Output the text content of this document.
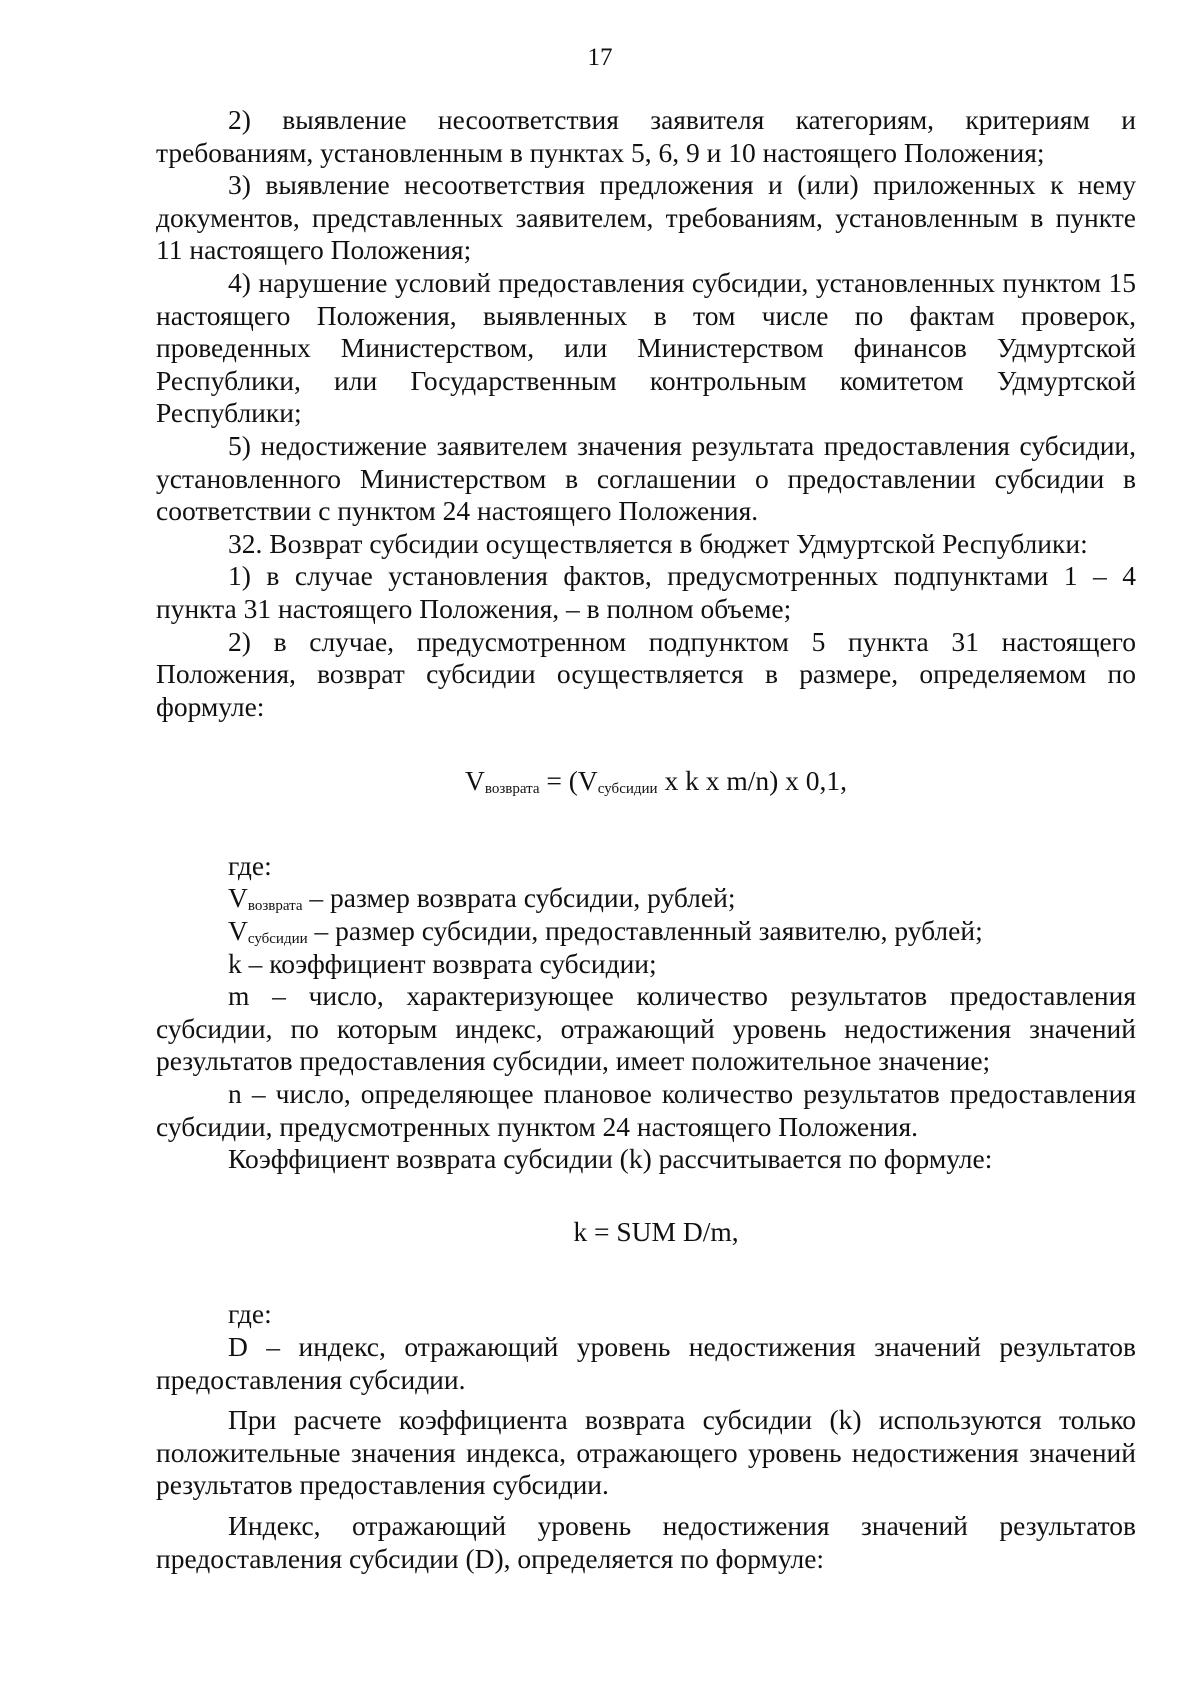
17

2) выявление несоответствия заявителя категориям, критериям и требованиям, установленным в пунктах 5, 6, 9 и 10 настоящего Положения;

3) выявление несоответствия предложения и (или) приложенных к нему документов, представленных заявителем, требованиям, установленным в пункте 11 настоящего Положения;

4) нарушение условий предоставления субсидии, установленных пунктом 15 настоящего Положения, выявленных в том числе по фактам проверок, проведенных Министерством, или Министерством финансов Удмуртской Республики, или Государственным контрольным комитетом Удмуртской Республики;

5) недостижение заявителем значения результата предоставления субсидии, установленного Министерством в соглашении о предоставлении субсидии в соответствии с пунктом 24 настоящего Положения.

32. Возврат субсидии осуществляется в бюджет Удмуртской Республики:

1) в случае установления фактов, предусмотренных подпунктами 1 – 4 пункта 31 настоящего Положения, – в полном объеме;

2) в случае, предусмотренном подпунктом 5 пункта 31 настоящего Положения, возврат субсидии осуществляется в размере, определяемом по формуле:

$V_{возврата} = (V_{субсидии}$ x k x m/n) x 0,1,

где:

$V_{возврата}$ – размер возврата субсидии, рублей;

$V_{субсидии}$ – размер субсидии, предоставленный заявителю, рублей;

k – коэффициент возврата субсидии;

m – число, характеризующее количество результатов предоставления субсидии, по которым индекс, отражающий уровень недостижения значений результатов предоставления субсидии, имеет положительное значение;

n – число, определяющее плановое количество результатов предоставления субсидии, предусмотренных пунктом 24 настоящего Положения.

Коэффициент возврата субсидии (k) рассчитывается по формуле:

k = SUM D/m,

где:

D – индекс, отражающий уровень недостижения значений результатов предоставления субсидии.

При расчете коэффициента возврата субсидии (k) используются только положительные значения индекса, отражающего уровень недостижения значений результатов предоставления субсидии.

Индекс, отражающий уровень недостижения значений результатов предоставления субсидии (D), определяется по формуле:
